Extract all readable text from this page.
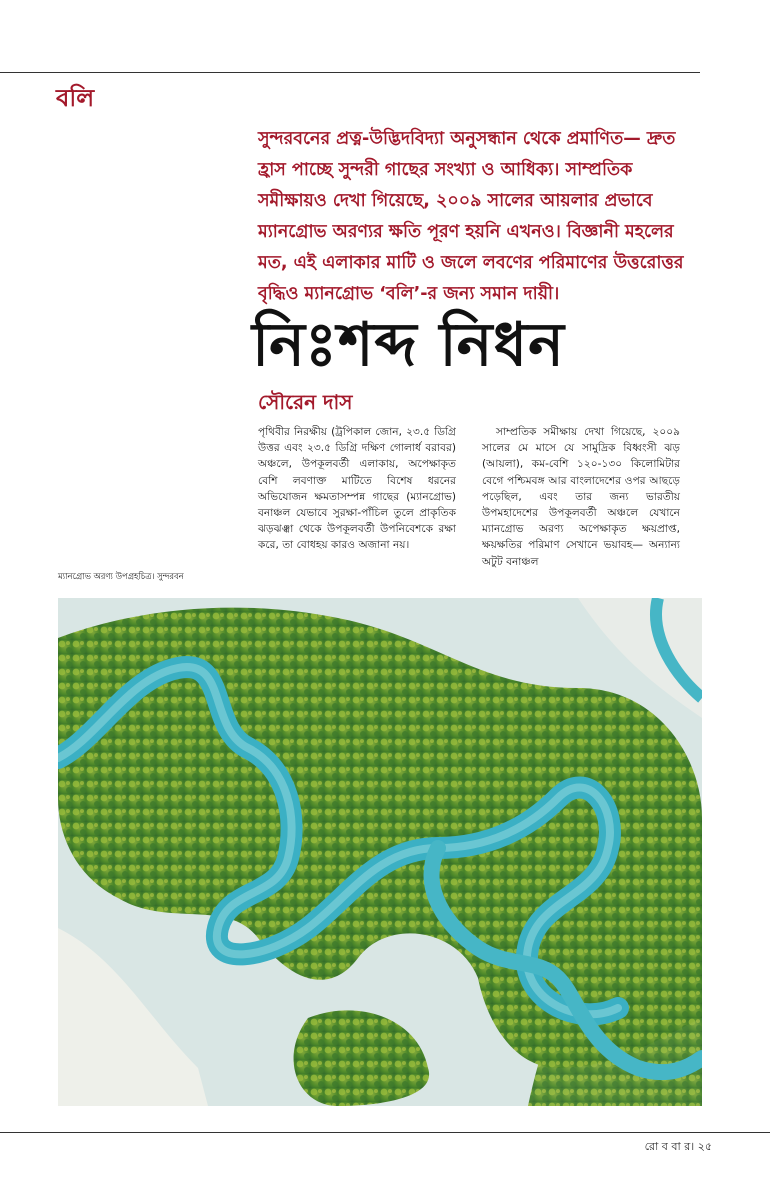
বলি

সুন্দরবনের প্রত্ন-উদ্ভিদবিদ্যা অনুসন্ধান থেকে প্রমাণিত— দ্রুত হ্রাস পাচ্ছে সুন্দরী গাছের সংখ্যা ও আধিক্য। সাম্প্রতিক সমীক্ষায়ও দেখা গিয়েছে, ২০০৯ সালের আয়লার প্রভাবে ম্যানগ্রোভ অরণ্যর ক্ষতি পূরণ হয়নি এখনও। বিজ্ঞানী মহলের মত, এই এলাকার মাটি ও জলে লবণের পরিমাণের উত্তরোত্তর বৃদ্ধিও ম্যানগ্রোভ ‘বলি’-র জন্য সমান দায়ী।

নিঃশব্দ নিধন
সৌরেন দাস

পৃথিবীর নিরক্ষীয় (ট্রপিকাল জোন, ২৩.৫ ডিগ্রি উত্তর এবং ২৩.৫ ডিগ্রি দক্ষিণ গোলার্ধ বরাবর) অঞ্চলে, উপকূলবর্তী এলাকায়, অপেক্ষাকৃত বেশি লবণাক্ত মাটিতে বিশেষ ধরনের অভিযোজন ক্ষমতাসম্পন্ন গাছের (ম্যানগ্রোভ) বনাঞ্চল যেভাবে সুরক্ষা-পাঁচিল তুলে প্রাকৃতিক ঝড়ঝঞ্ঝা থেকে উপকূলবর্তী উপনিবেশকে রক্ষা করে, তা বোধহয় কারও অজানা নয়।

সাম্প্রতিক সমীক্ষায় দেখা গিয়েছে, ২০০৯ সালের মে মাসে যে সামুদ্রিক বিধ্বংসী ঝড় (আয়লা), কম-বেশি ১২০-১৩০ কিলোমিটার বেগে পশ্চিমবঙ্গ আর বাংলাদেশের ওপর আছড়ে পড়েছিল, এবং তার জন্য ভারতীয় উপমহাদেশের উপকূলবর্তী অঞ্চলে যেখানে ম্যানগ্রোভ অরণ্য অপেক্ষাকৃত ক্ষয়প্রাপ্ত, ক্ষয়ক্ষতির পরিমাণ সেখানে ভয়াবহ— অন্যান্য অটুট বনাঞ্চল

ম্যানগ্রোভ অরণ্য উপগ্রহচিত্র। সুন্দরবন
রো ব বা র। ২৫
